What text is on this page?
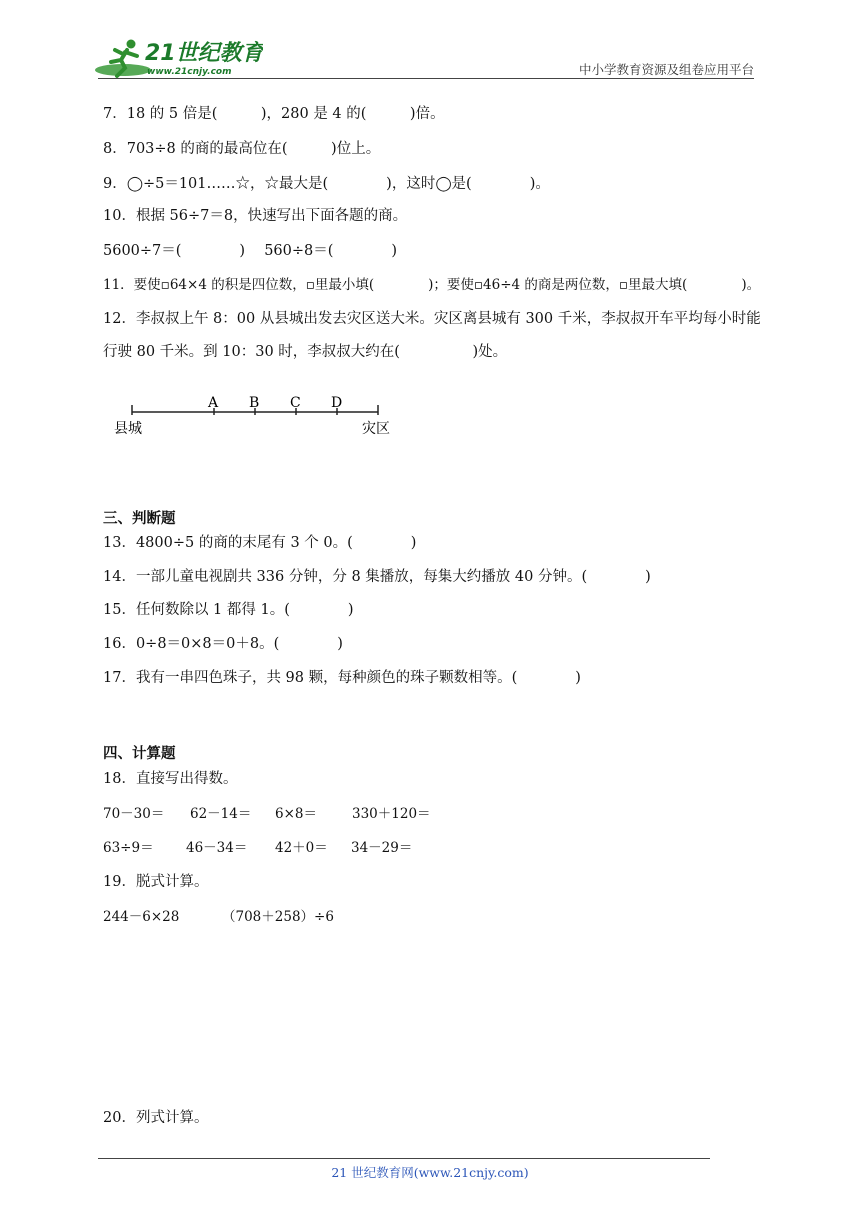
21世纪教育
www.21cnjy.com	中小学教育资源及组卷应用平台
7．18 的 5 倍是(　　　)，280 是 4 的(　　　)倍。
8．703÷8 的商的最高位在(　　　)位上。
9．◯÷5＝101……☆，☆最大是(　　　　)，这时◯是(　　　　)。
10．根据 56÷7＝8，快速写出下面各题的商。
5600÷7＝(　　　　)　 560÷8＝(　　　　)
11．要使▫64×4 的积是四位数，▫里最小填(　　　　)；要使▫46÷4 的商是两位数，▫里最大填(　　　　)。
12．李叔叔上午 8：00 从县城出发去灾区送大米。灾区离县城有 300 千米，李叔叔开车平均每小时能
行驶 80 千米。到 10：30 时，李叔叔大约在(　　　　　)处。
A B C D
县城	灾区
三、判断题
13．4800÷5 的商的末尾有 3 个 0。(　　　　)
14．一部儿童电视剧共 336 分钟，分 8 集播放，每集大约播放 40 分钟。(　　　　)
15．任何数除以 1 都得 1。(　　　　)
16．0÷8＝0×8＝0＋8。(　　　　)
17．我有一串四色珠子，共 98 颗，每种颜色的珠子颗数相等。(　　　　)
四、计算题
18．直接写出得数。
70－30＝ 62－14＝ 6×8＝	330＋120＝
63÷9＝ 46－34＝ 42＋0＝ 34－29＝
19．脱式计算。
244－6×28	（708＋258）÷6
20．列式计算。
21 世纪教育网(www.21cnjy.com)
